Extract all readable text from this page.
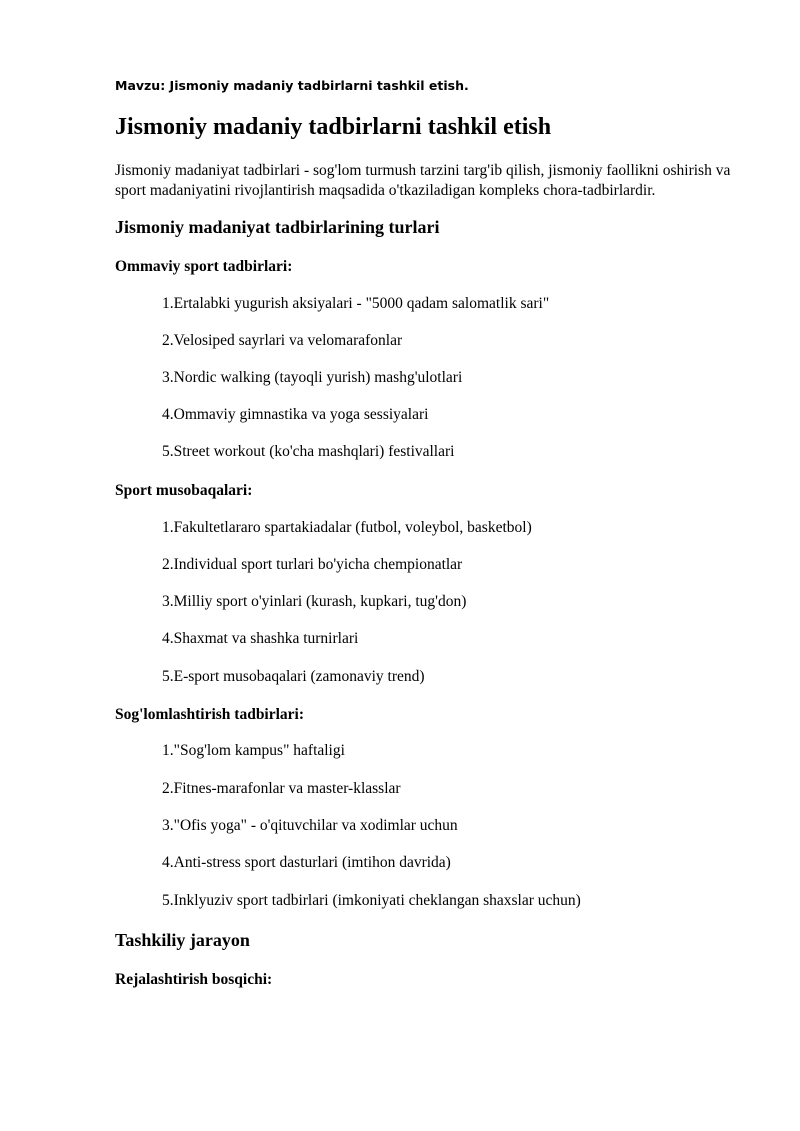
Mavzu: Jismoniy madaniy tadbirlarni tashkil etish.
Jismoniy madaniy tadbirlarni tashkil etish

Jismoniy madaniyat tadbirlari - sog'lom turmush tarzini targ'ib qilish, jismoniy faollikni oshirish va sport madaniyatini rivojlantirish maqsadida o'tkaziladigan kompleks chora-tadbirlardir.

Jismoniy madaniyat tadbirlarining turlari
Ommaviy sport tadbirlari:
1.Ertalabki yugurish aksiyalari - "5000 qadam salomatlik sari"
2.Velosiped sayrlari va velomarafonlar
3.Nordic walking (tayoqli yurish) mashg'ulotlari
4.Ommaviy gimnastika va yoga sessiyalari
5.Street workout (ko'cha mashqlari) festivallari
Sport musobaqalari:
1.Fakultetlararo spartakiadalar (futbol, voleybol, basketbol)
2.Individual sport turlari bo'yicha chempionatlar
3.Milliy sport o'yinlari (kurash, kupkari, tug'don)
4.Shaxmat va shashka turnirlari
5.E-sport musobaqalari (zamonaviy trend)
Sog'lomlashtirish tadbirlari:
1."Sog'lom kampus" haftaligi
2.Fitnes-marafonlar va master-klasslar
3."Ofis yoga" - o'qituvchilar va xodimlar uchun
4.Anti-stress sport dasturlari (imtihon davrida)
5.Inklyuziv sport tadbirlari (imkoniyati cheklangan shaxslar uchun)
Tashkiliy jarayon
Rejalashtirish bosqichi:
